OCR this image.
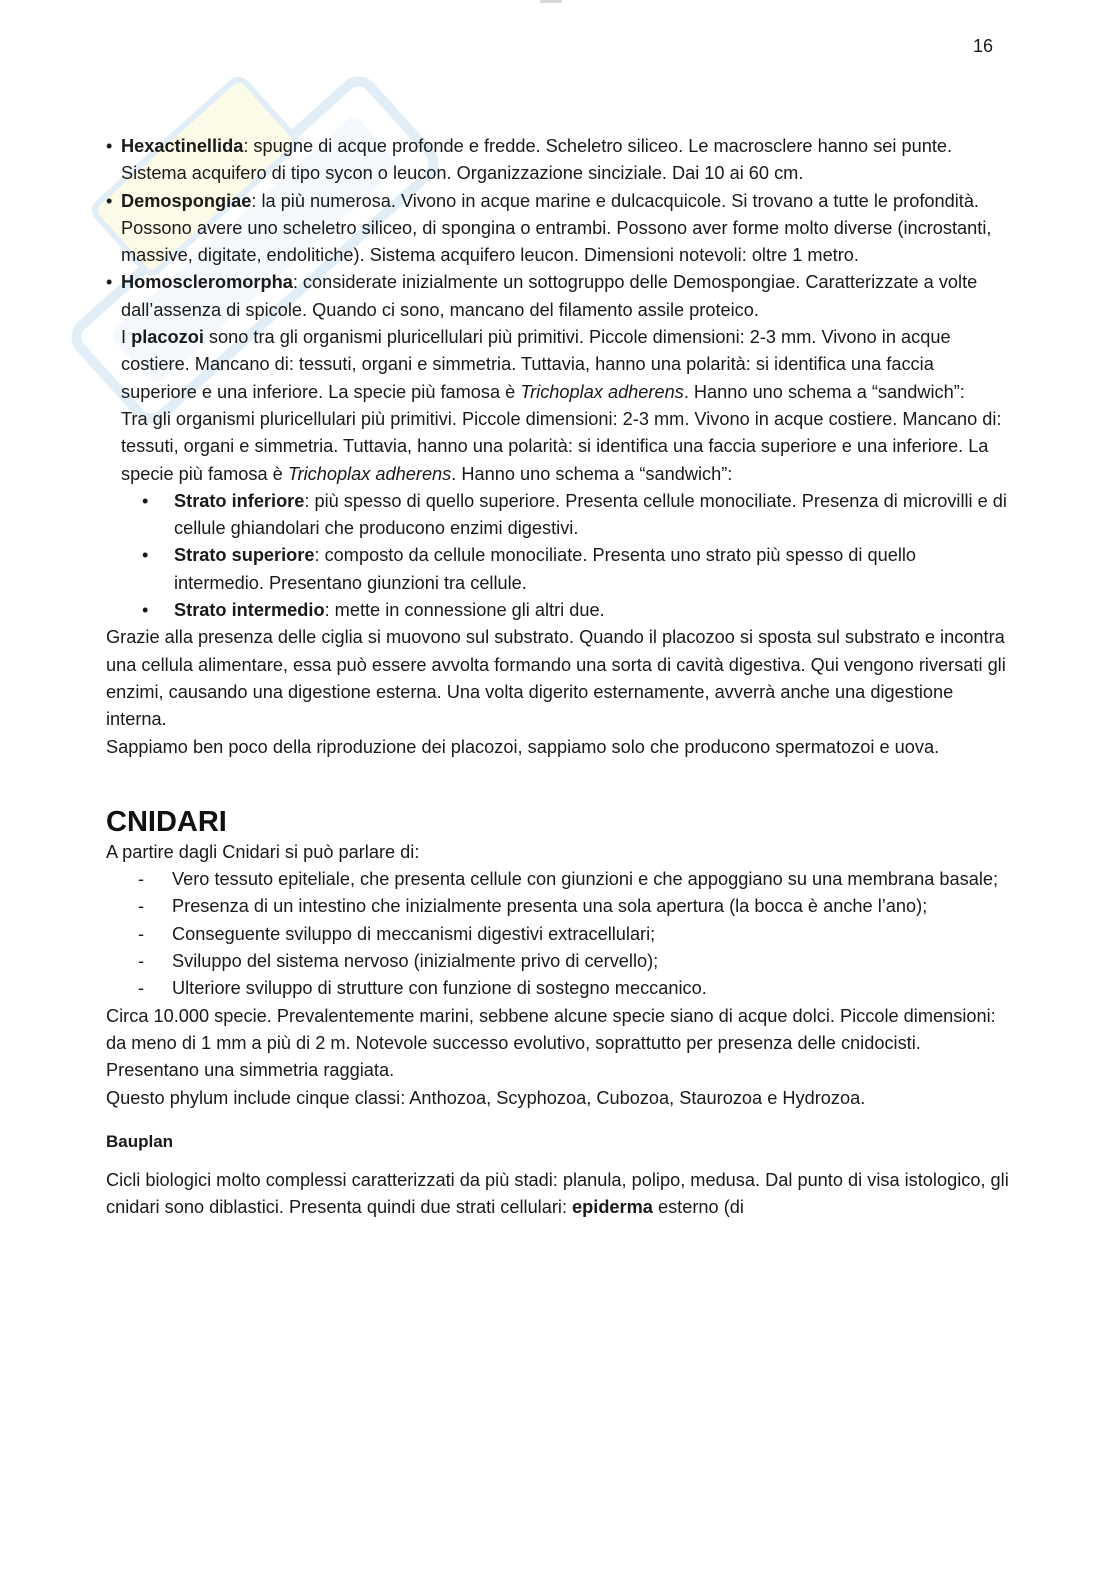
16
• Hexactinellida: spugne di acque profonde e fredde. Scheletro siliceo. Le macrosclere hanno sei punte. Sistema acquifero di tipo sycon o leucon. Organizzazione sinciziale. Dai 10 ai 60 cm.
• Demospongiae: la più numerosa. Vivono in acque marine e dulcacquicole. Si trovano a tutte le profondità. Possono avere uno scheletro siliceo, di spongina o entrambi. Possono aver forme molto diverse (incrostanti, massive, digitate, endolitiche). Sistema acquifero leucon. Dimensioni notevoli: oltre 1 metro.
• Homoscleromorpha: considerate inizialmente un sottogruppo delle Demospongiae. Caratterizzate a volte dall’assenza di spicole. Quando ci sono, mancano del filamento assile proteico.

I placozoi sono tra gli organismi pluricellulari più primitivi. Piccole dimensioni: 2-3 mm. Vivono in acque costiere. Mancano di: tessuti, organi e simmetria. Tuttavia, hanno una polarità: si identifica una faccia superiore e una inferiore. La specie più famosa è Trichoplax adherens. Hanno uno schema a “sandwich”:

Tra gli organismi pluricellulari più primitivi. Piccole dimensioni: 2-3 mm. Vivono in acque costiere. Mancano di: tessuti, organi e simmetria. Tuttavia, hanno una polarità: si identifica una faccia superiore e una inferiore. La specie più famosa è Trichoplax adherens. Hanno uno schema a “sandwich”:

•	Strato inferiore: più spesso di quello superiore. Presenta cellule monociliate. Presenza di microvilli e di cellule ghiandolari che producono enzimi digestivi.
•	Strato superiore: composto da cellule monociliate. Presenta uno strato più spesso di quello intermedio. Presentano giunzioni tra cellule.
•	Strato intermedio: mette in connessione gli altri due.

Grazie alla presenza delle ciglia si muovono sul substrato. Quando il placozoo si sposta sul substrato e incontra una cellula alimentare, essa può essere avvolta formando una sorta di cavità digestiva. Qui vengono riversati gli enzimi, causando una digestione esterna. Una volta digerito esternamente, avverrà anche una digestione interna.

Sappiamo ben poco della riproduzione dei placozoi, sappiamo solo che producono spermatozoi e uova.

CNIDARI

A partire dagli Cnidari si può parlare di:

- Vero tessuto epiteliale, che presenta cellule con giunzioni e che appoggiano su una membrana basale;
- Presenza di un intestino che inizialmente presenta una sola apertura (la bocca è anche l’ano);
- Conseguente sviluppo di meccanismi digestivi extracellulari;
- Sviluppo del sistema nervoso (inizialmente privo di cervello);
- Ulteriore sviluppo di strutture con funzione di sostegno meccanico.

Circa 10.000 specie. Prevalentemente marini, sebbene alcune specie siano di acque dolci. Piccole dimensioni: da meno di 1 mm a più di 2 m. Notevole successo evolutivo, soprattutto per presenza delle cnidocisti. Presentano una simmetria raggiata.

Questo phylum include cinque classi: Anthozoa, Scyphozoa, Cubozoa, Staurozoa e Hydrozoa.

Bauplan

Cicli biologici molto complessi caratterizzati da più stadi: planula, polipo, medusa. Dal punto di visa istologico, gli cnidari sono diblastici. Presenta quindi due strati cellulari: epiderma esterno (di
